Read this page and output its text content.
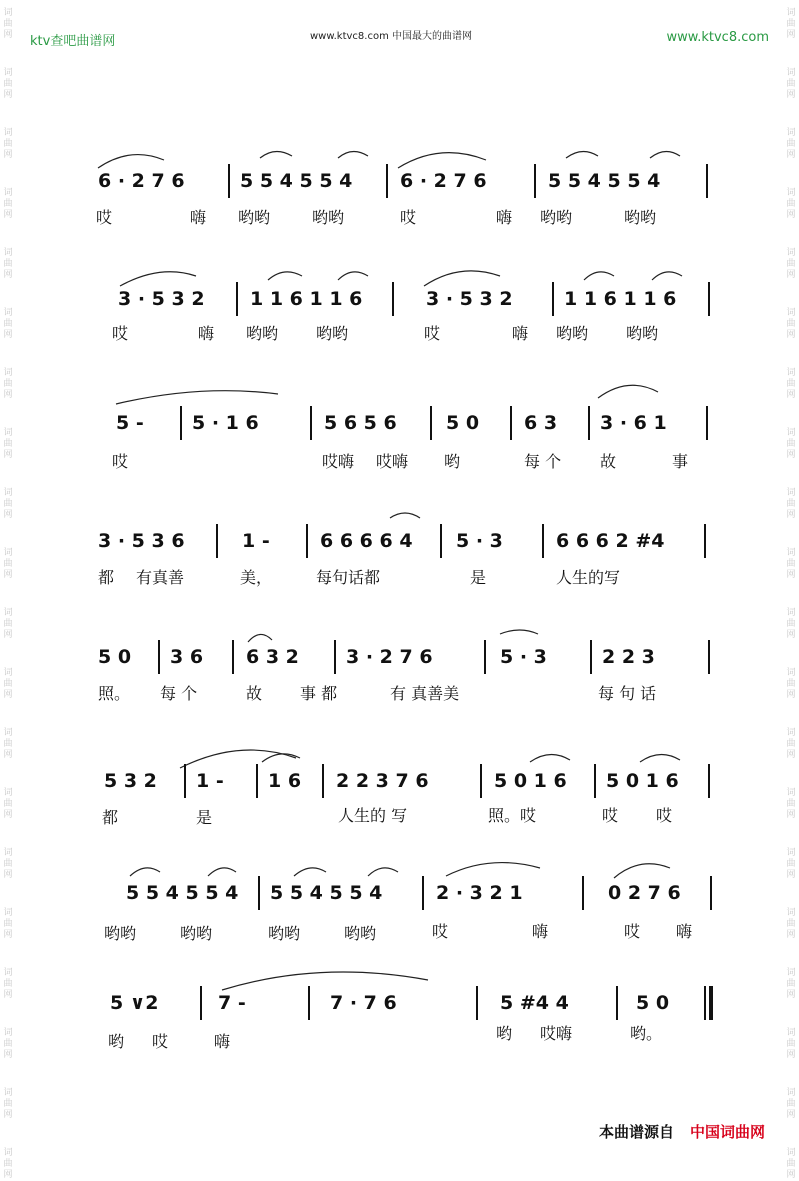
词
曲
网
词
曲
网
词
曲
网
词
曲
网
词
曲
网
词
曲
网
词
曲
网
词
曲
网
词
曲
网
词
曲
网
词
曲
网
词
曲
网
词
曲
网
词
曲
网
词
曲
网
词
曲
网
词
曲
网
词
曲
网
词
曲
网
词
曲
网
词
曲
网
词
曲
网
词
曲
网
词
曲
网
词
曲
网
词
曲
网
词
曲
网
词
曲
网
词
曲
网
词
曲
网
词
曲
网
词
曲
网
词
曲
网
词
曲
网
词
曲
网
词
曲
网
词
曲
网
词
曲
网
词
曲
网
词
曲
网
ktv查吧曲谱网	www.ktvc8.com 中国最大的曲谱网	www.ktvc8.com
6 · 2 7 6	5 5 4 5 5 4	6 · 2 7 6	5 5 4 5 5 4
哎	嗨 哟哟	哟哟	哎	嗨 哟哟	哟哟
3 · 5 3 2 1 1 6 1 1 6	3 · 5 3 2	1 1 6 1 1 6
哎	嗨 哟哟 哟哟	哎	嗨 哟哟 哟哟
5 -	5 · 1 6	5 6 5 6	5 0 6 3 3 · 6 1
哎	哎嗨 哎嗨 哟	每 个 故	事
3 · 5 3 6	1 -	6 6 6 6 4 5 · 3	6 6 6 2 #4
都 有真善	美，	每句话都	是	人生的写
5 0 3 6 6 3 2 3 · 2 7 6	5 · 3	2 2 3
照。 每 个	故 事 都	有 真善美	每 句 话
5 3 2 1 - 1 6 2 2 3 7 6	5 0 1 6 5 0 1 6
都	是	人生的 写	照。哎	哎 哎
5 5 4 5 5 4 5 5 4 5 5 4	2 · 3 2 1	0 2 7 6
哟哟	哟哟	哟哟	哟哟	哎	嗨	哎 嗨
5 ∨2	7 -	7 · 7 6	5 #4 4	5 0
哟 哎	嗨	哟 哎嗨	哟。
本曲谱源自 中国词曲网
